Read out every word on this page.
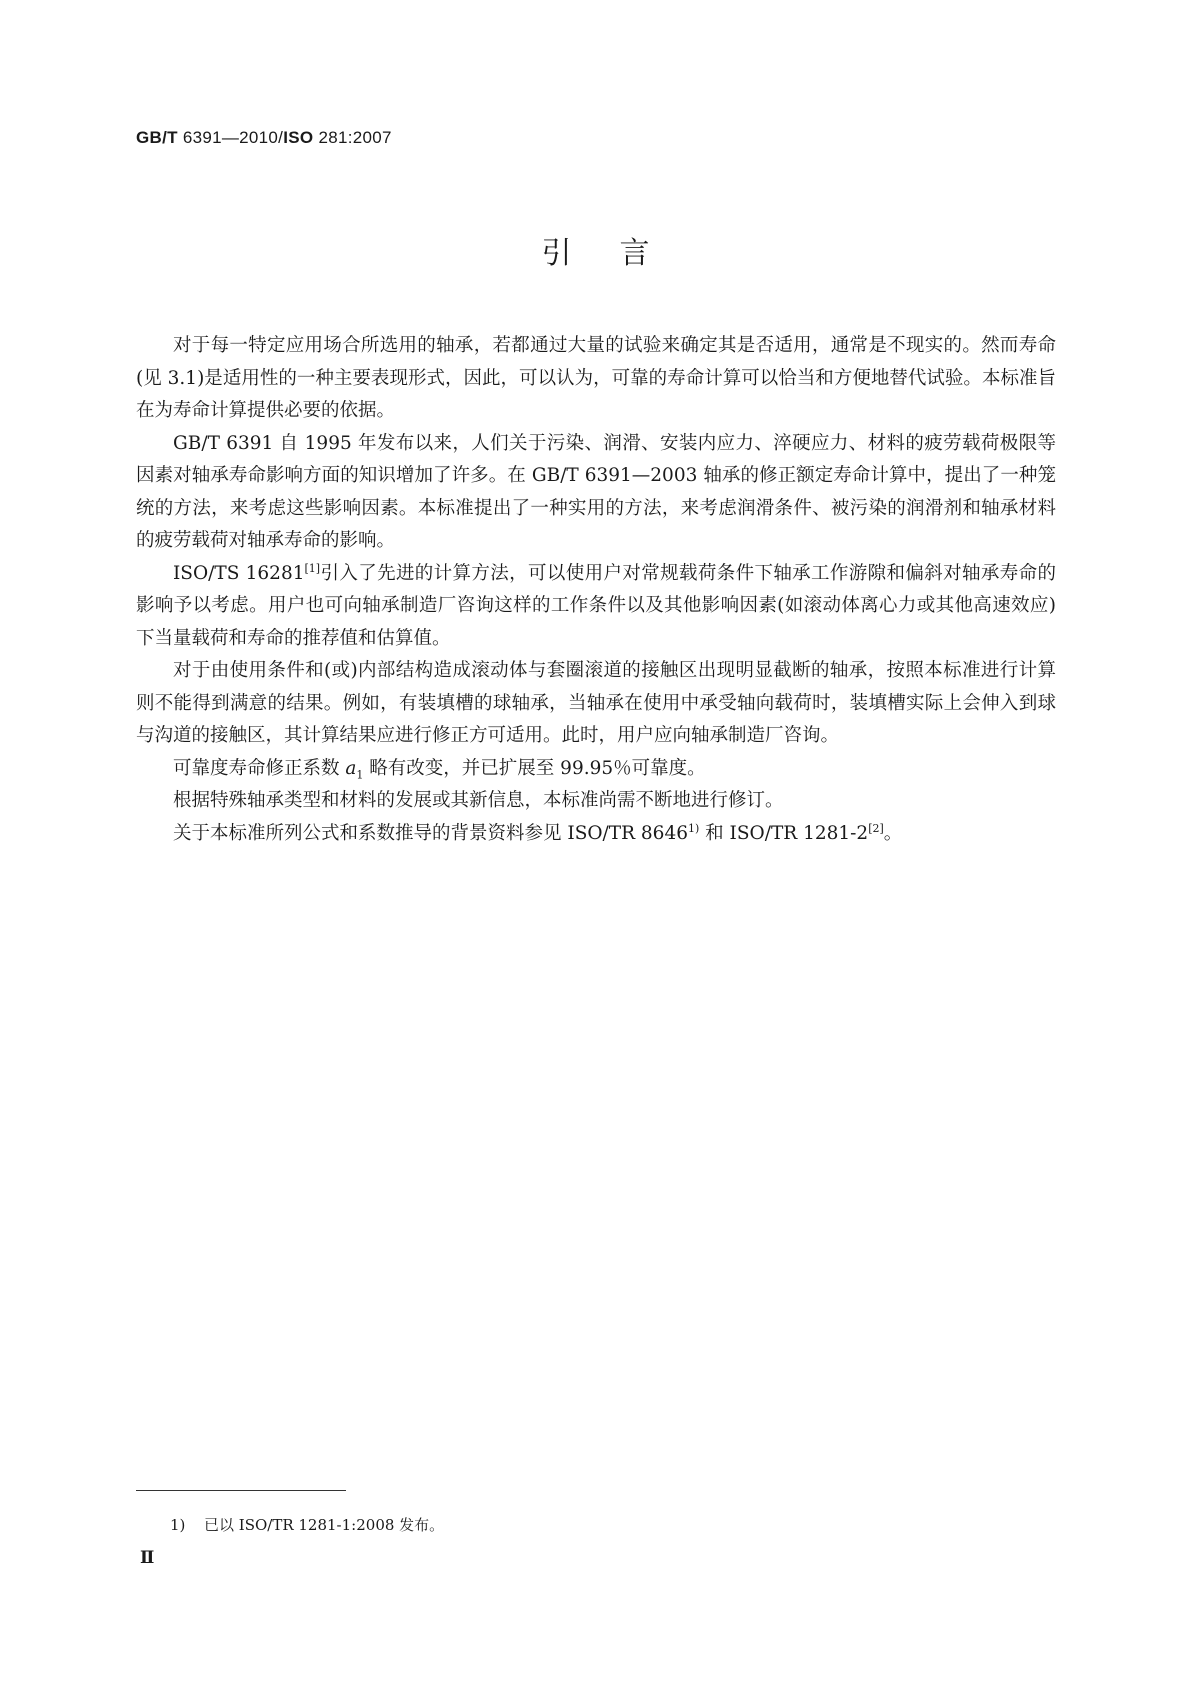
GB/T 6391—2010/ISO 281:2007
引言

对于每一特定应用场合所选用的轴承，若都通过大量的试验来确定其是否适用，通常是不现实的。然而寿命(见 3.1)是适用性的一种主要表现形式，因此，可以认为，可靠的寿命计算可以恰当和方便地替代试验。本标准旨在为寿命计算提供必要的依据。

GB/T 6391 自 1995 年发布以来，人们关于污染、润滑、安装内应力、淬硬应力、材料的疲劳载荷极限等因素对轴承寿命影响方面的知识增加了许多。在 GB/T 6391—2003 轴承的修正额定寿命计算中，提出了一种笼统的方法，来考虑这些影响因素。本标准提出了一种实用的方法，来考虑润滑条件、被污染的润滑剂和轴承材料的疲劳载荷对轴承寿命的影响。

ISO/TS 16281[1]引入了先进的计算方法，可以使用户对常规载荷条件下轴承工作游隙和偏斜对轴承寿命的影响予以考虑。用户也可向轴承制造厂咨询这样的工作条件以及其他影响因素(如滚动体离心力或其他高速效应)下当量载荷和寿命的推荐值和估算值。

对于由使用条件和(或)内部结构造成滚动体与套圈滚道的接触区出现明显截断的轴承，按照本标准进行计算则不能得到满意的结果。例如，有装填槽的球轴承，当轴承在使用中承受轴向载荷时，装填槽实际上会伸入到球与沟道的接触区，其计算结果应进行修正方可适用。此时，用户应向轴承制造厂咨询。

可靠度寿命修正系数 $a_1$ 略有改变，并已扩展至 99.95％可靠度。

根据特殊轴承类型和材料的发展或其新信息，本标准尚需不断地进行修订。

关于本标准所列公式和系数推导的背景资料参见 ISO/TR 8646$^{1)}$ 和 ISO/TR 1281-2[2]。

1) 已以 ISO/TR 1281-1:2008 发布。
Ⅱ
